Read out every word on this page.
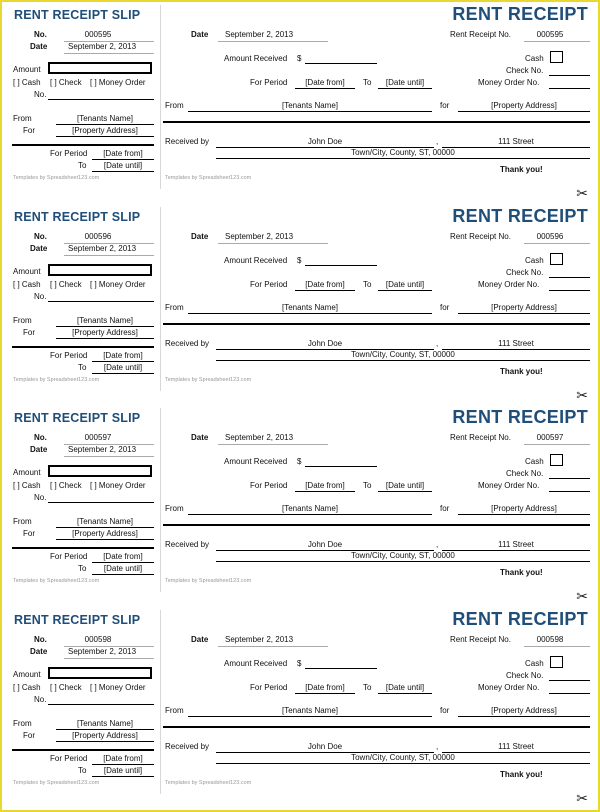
RENT RECEIPT SLIP
No.	000595
Date	September 2, 2013
Amount
[ ] Cash [ ] Check [ ] Money Order
No.
From	[Tenants Name]
For	[Property Address]
For Period	[Date from]
To	[Date until]
Templates by Spreadsheet123.com
RENT RECEIPT
Date September 2, 2013	Rent Receipt No.	000595
Amount Received $	Cash
Check No.
For Period	[Date from]	To	[Date until]	Money Order No.
From	[Tenants Name]	for	[Property Address]
Received by	John Doe	,	111 Street
Town/City, County, ST, 00000
Thank you!
Templates by Spreadsheet123.com
✂
RENT RECEIPT SLIP
No.	000596
Date	September 2, 2013
Amount
[ ] Cash [ ] Check [ ] Money Order
No.
From	[Tenants Name]
For	[Property Address]
For Period	[Date from]
To	[Date until]
Templates by Spreadsheet123.com
RENT RECEIPT
Date September 2, 2013	Rent Receipt No.	000596
Amount Received $	Cash
Check No.
For Period	[Date from]	To	[Date until]	Money Order No.
From	[Tenants Name]	for	[Property Address]
Received by	John Doe	,	111 Street
Town/City, County, ST, 00000
Thank you!
Templates by Spreadsheet123.com
✂
RENT RECEIPT SLIP
No.	000597
Date	September 2, 2013
Amount
[ ] Cash [ ] Check [ ] Money Order
No.
From	[Tenants Name]
For	[Property Address]
For Period	[Date from]
To	[Date until]
Templates by Spreadsheet123.com
RENT RECEIPT
Date September 2, 2013	Rent Receipt No.	000597
Amount Received $	Cash
Check No.
For Period	[Date from]	To	[Date until]	Money Order No.
From	[Tenants Name]	for	[Property Address]
Received by	John Doe	,	111 Street
Town/City, County, ST, 00000
Thank you!
Templates by Spreadsheet123.com
✂
RENT RECEIPT SLIP
No.	000598
Date	September 2, 2013
Amount
[ ] Cash [ ] Check [ ] Money Order
No.
From	[Tenants Name]
For	[Property Address]
For Period	[Date from]
To	[Date until]
Templates by Spreadsheet123.com
RENT RECEIPT
Date September 2, 2013	Rent Receipt No.	000598
Amount Received $	Cash
Check No.
For Period	[Date from]	To	[Date until]	Money Order No.
From	[Tenants Name]	for	[Property Address]
Received by	John Doe	,	111 Street
Town/City, County, ST, 00000
Thank you!
Templates by Spreadsheet123.com
✂
